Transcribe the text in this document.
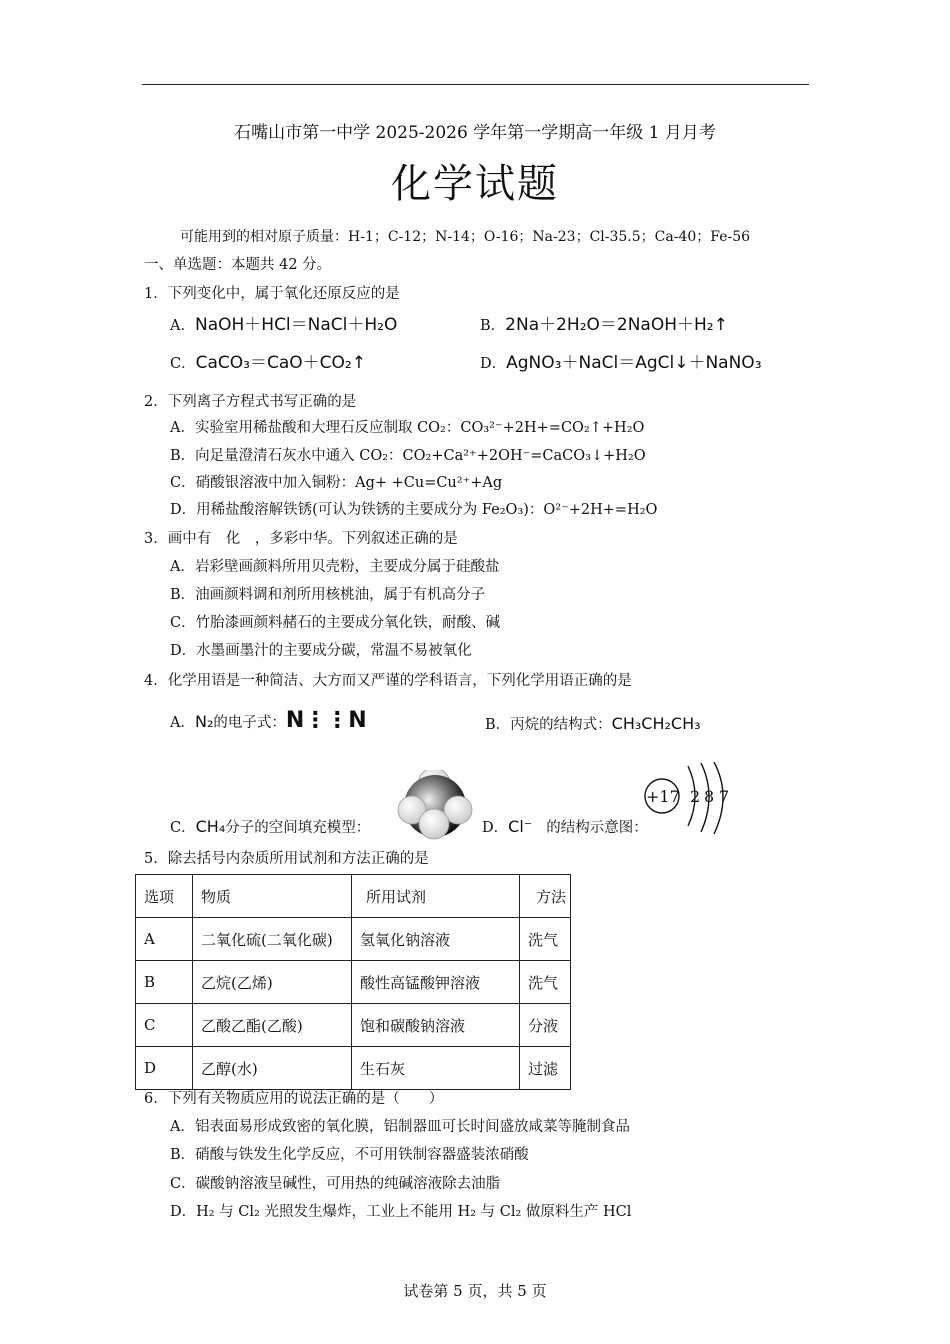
石嘴山市第一中学 2025-2026 学年第一学期高一年级 1 月月考
化学试题
可能用到的相对原子质量：H-1；C-12；N-14；O-16；Na-23；Cl-35.5；Ca-40；Fe-56
一、单选题：本题共 42 分。
1．下列变化中，属于氧化还原反应的是
A．NaOH＋HCl＝NaCl＋H₂O	B．2Na＋2H₂O＝2NaOH＋H₂↑
C．CaCO₃＝CaO＋CO₂↑	D．AgNO₃＋NaCl＝AgCl↓＋NaNO₃
2．下列离子方程式书写正确的是
A．实验室用稀盐酸和大理石反应制取 CO₂：CO₃²⁻+2H+=CO₂↑+H₂O
B．向足量澄清石灰水中通入 CO₂：CO₂+Ca²⁺+2OH⁻=CaCO₃↓+H₂O
C．硝酸银溶液中加入铜粉：Ag+ +Cu=Cu²⁺+Ag
D．用稀盐酸溶解铁锈(可认为铁锈的主要成分为 Fe₂O₃)：O²⁻+2H+=H₂O
3．画中有　化　，多彩中华。下列叙述正确的是
A．岩彩壁画颜料所用贝壳粉，主要成分属于硅酸盐
B．油画颜料调和剂所用核桃油，属于有机高分子
C．竹胎漆画颜料赭石的主要成分氧化铁，耐酸、碱
D．水墨画墨汁的主要成分碳，常温不易被氧化
4．化学用语是一种简洁、大方而又严谨的学科语言，下列化学用语正确的是
A．N₂的电子式：N⋮⋮N	B．丙烷的结构式：CH₃CH₂CH₃
C．CH₄分子的空间填充模型：	D．Cl⁻ 的结构示意图：
+17 2 8 7
5．除去括号内杂质所用试剂和方法正确的是
选项	物质	所用试剂	方法
A	二氧化硫(二氧化碳)	氢氧化钠溶液	洗气
B	乙烷(乙烯)	酸性高锰酸钾溶液	洗气
C	乙酸乙酯(乙酸)	饱和碳酸钠溶液	分液
D	乙醇(水)	生石灰	过滤
6．下列有关物质应用的说法正确的是（　　）
A．铝表面易形成致密的氧化膜，铝制器皿可长时间盛放咸菜等腌制食品
B．硝酸与铁发生化学反应，不可用铁制容器盛装浓硝酸
C．碳酸钠溶液呈碱性，可用热的纯碱溶液除去油脂
D．H₂ 与 Cl₂ 光照发生爆炸，工业上不能用 H₂ 与 Cl₂ 做原料生产 HCl
试卷第 5 页，共 5 页
